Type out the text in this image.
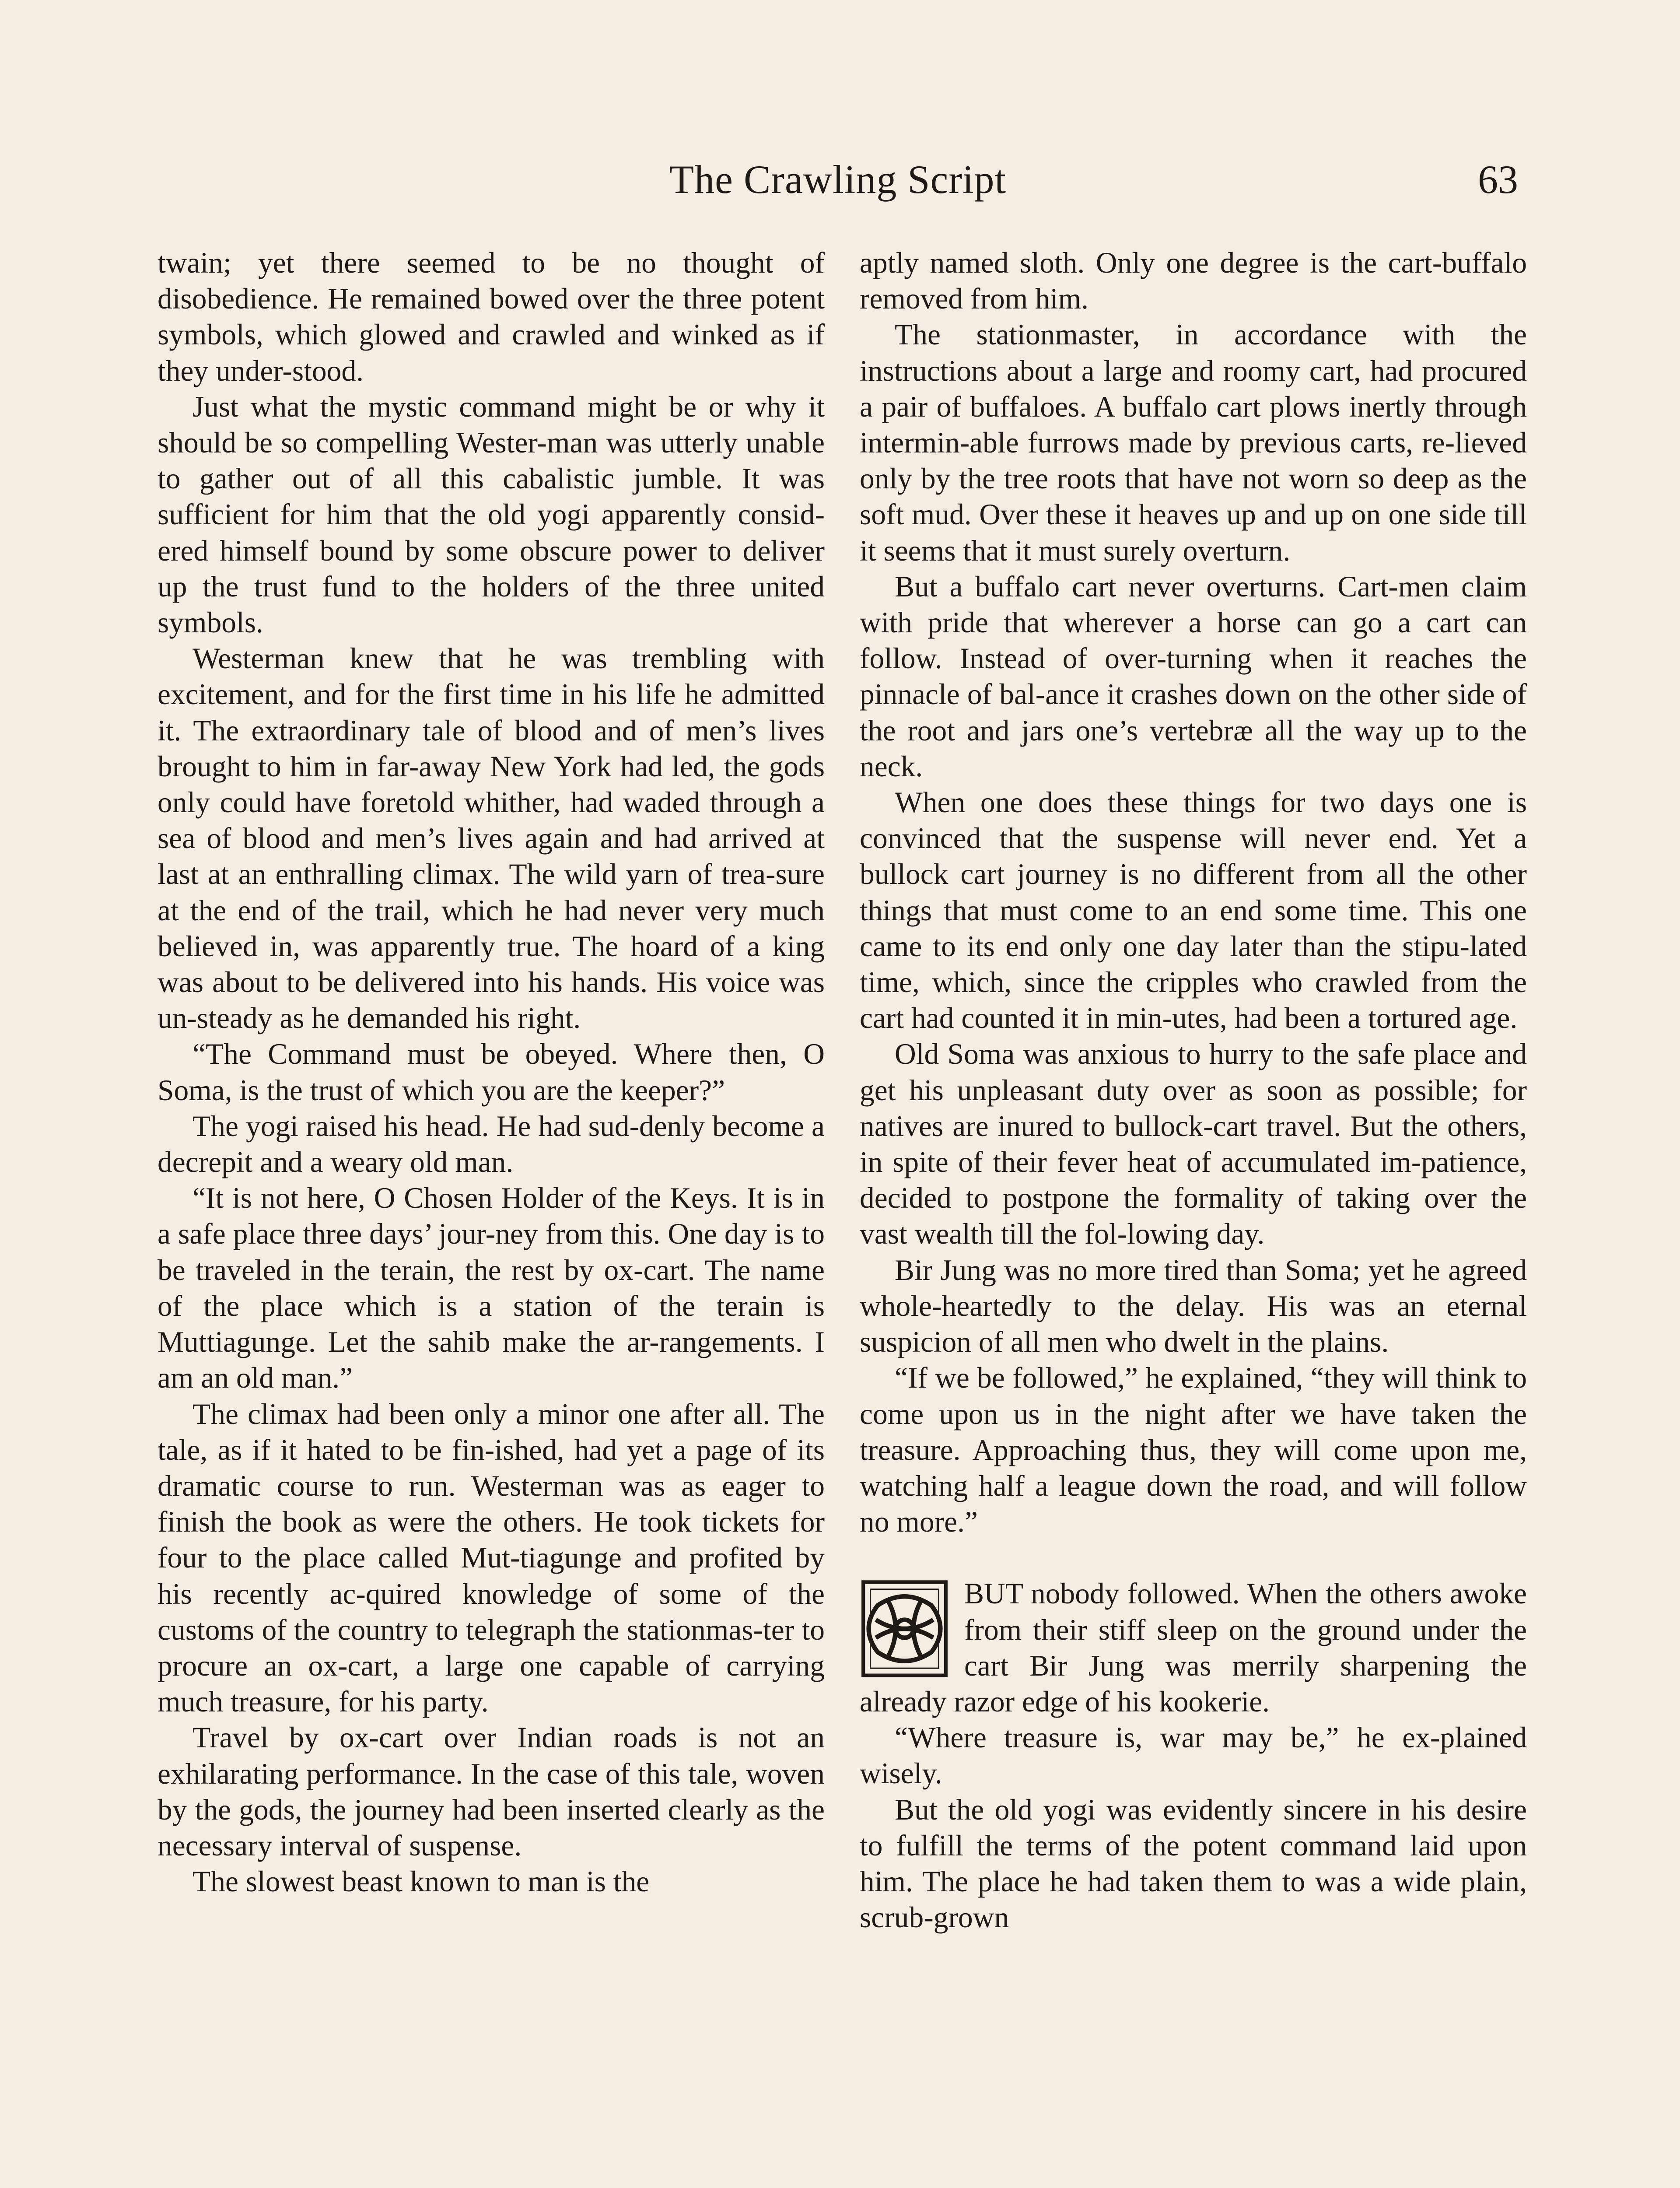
The Crawling Script	63

twain; yet there seemed to be no thought of disobedience. He remained bowed over the three potent symbols, which glowed and crawled and winked as if they under-stood.

Just what the mystic command might be or why it should be so compelling Wester-man was utterly unable to gather out of all this cabalistic jumble. It was sufficient for him that the old yogi apparently consid-ered himself bound by some obscure power to deliver up the trust fund to the holders of the three united symbols.

Westerman knew that he was trembling with excitement, and for the first time in his life he admitted it. The extraordinary tale of blood and of men’s lives brought to him in far-away New York had led, the gods only could have foretold whither, had waded through a sea of blood and men’s lives again and had arrived at last at an enthralling climax. The wild yarn of trea-sure at the end of the trail, which he had never very much believed in, was apparently true. The hoard of a king was about to be delivered into his hands. His voice was un-steady as he demanded his right.

“The Command must be obeyed. Where then, O Soma, is the trust of which you are the keeper?”

The yogi raised his head. He had sud-denly become a decrepit and a weary old man.

“It is not here, O Chosen Holder of the Keys. It is in a safe place three days’ jour-ney from this. One day is to be traveled in the terain, the rest by ox-cart. The name of the place which is a station of the terain is Muttiagunge. Let the sahib make the ar-rangements. I am an old man.”

The climax had been only a minor one after all. The tale, as if it hated to be fin-ished, had yet a page of its dramatic course to run. Westerman was as eager to finish the book as were the others. He took tickets for four to the place called Mut-tiagunge and profited by his recently ac-quired knowledge of some of the customs of the country to telegraph the stationmas-ter to procure an ox-cart, a large one capable of carrying much treasure, for his party.

Travel by ox-cart over Indian roads is not an exhilarating performance. In the case of this tale, woven by the gods, the journey had been inserted clearly as the necessary interval of suspense.

The slowest beast known to man is the

aptly named sloth. Only one degree is the cart-buffalo removed from him.

The stationmaster, in accordance with the instructions about a large and roomy cart, had procured a pair of buffaloes. A buffalo cart plows inertly through intermin-able furrows made by previous carts, re-lieved only by the tree roots that have not worn so deep as the soft mud. Over these it heaves up and up on one side till it seems that it must surely overturn.

But a buffalo cart never overturns. Cart-men claim with pride that wherever a horse can go a cart can follow. Instead of over-turning when it reaches the pinnacle of bal-ance it crashes down on the other side of the root and jars one’s vertebræ all the way up to the neck.

When one does these things for two days one is convinced that the suspense will never end. Yet a bullock cart journey is no different from all the other things that must come to an end some time. This one came to its end only one day later than the stipu-lated time, which, since the cripples who crawled from the cart had counted it in min-utes, had been a tortured age.

Old Soma was anxious to hurry to the safe place and get his unpleasant duty over as soon as possible; for natives are inured to bullock-cart travel. But the others, in spite of their fever heat of accumulated im-patience, decided to postpone the formality of taking over the vast wealth till the fol-lowing day.

Bir Jung was no more tired than Soma; yet he agreed whole-heartedly to the delay. His was an eternal suspicion of all men who dwelt in the plains.

“If we be followed,” he explained, “they will think to come upon us in the night after we have taken the treasure. Approaching thus, they will come upon me, watching half a league down the road, and will follow no more.”

BUT nobody followed. When the others awoke from their stiff sleep on the ground under the cart Bir Jung was merrily sharpening the already razor edge of his kookerie.

“Where treasure is, war may be,” he ex-plained wisely.

But the old yogi was evidently sincere in his desire to fulfill the terms of the potent command laid upon him. The place he had taken them to was a wide plain, scrub-grown
